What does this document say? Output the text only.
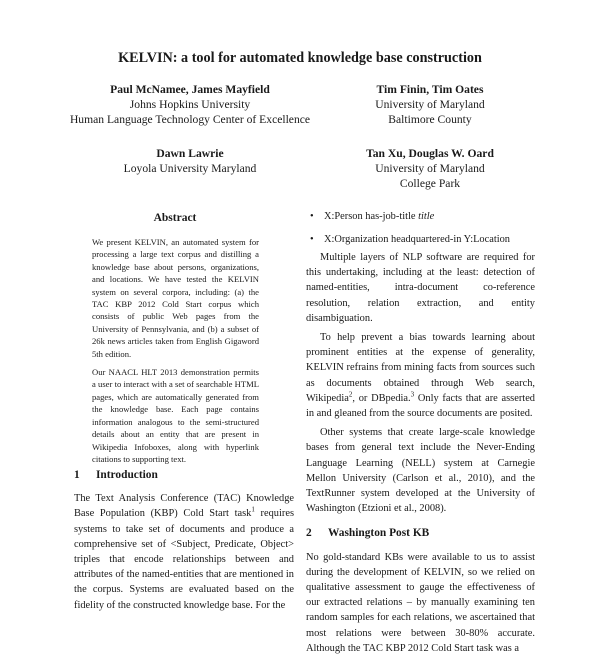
KELVIN: a tool for automated knowledge base construction
Paul McNamee, James Mayfield
Johns Hopkins University
Human Language Technology Center of Excellence
Tim Finin, Tim Oates
University of Maryland
Baltimore County
Dawn Lawrie
Loyola University Maryland
Tan Xu, Douglas W. Oard
University of Maryland
College Park
Abstract

We present KELVIN, an automated system for processing a large text corpus and distilling a knowledge base about persons, organizations, and locations. We have tested the KELVIN system on several corpora, including: (a) the TAC KBP 2012 Cold Start corpus which consists of public Web pages from the University of Pennsylvania, and (b) a subset of 26k news articles taken from English Gigaword 5th edition.

Our NAACL HLT 2013 demonstration permits a user to interact with a set of searchable HTML pages, which are automatically generated from the knowledge base. Each page contains information analogous to the semi-structured details about an entity that are present in Wikipedia Infoboxes, along with hyperlink citations to supporting text.

1 Introduction

The Text Analysis Conference (TAC) Knowledge Base Population (KBP) Cold Start task$^1$ requires systems to take set of documents and produce a comprehensive set of <Subject, Predicate, Object> triples that encode relationships between and attributes of the named-entities that are mentioned in the corpus. Systems are evaluated based on the fidelity of the constructed knowledge base. For the

• X:Person has-job-title title
• X:Organization headquartered-in Y:Location

Multiple layers of NLP software are required for this undertaking, including at the least: detection of named-entities, intra-document co-reference resolution, relation extraction, and entity disambiguation.

To help prevent a bias towards learning about prominent entities at the expense of generality, KELVIN refrains from mining facts from sources such as documents obtained through Web search, Wikipedia$^2$, or DBpedia.$^3$ Only facts that are asserted in and gleaned from the source documents are posited.

Other systems that create large-scale knowledge bases from general text include the Never-Ending Language Learning (NELL) system at Carnegie Mellon University (Carlson et al., 2010), and the TextRunner system developed at the University of Washington (Etzioni et al., 2008).

2 Washington Post KB

No gold-standard KBs were available to us to assist during the development of KELVIN, so we relied on qualitative assessment to gauge the effectiveness of our extracted relations – by manually examining ten random samples for each relations, we ascertained that most relations were between 30-80% accurate. Although the TAC KBP 2012 Cold Start task was a
